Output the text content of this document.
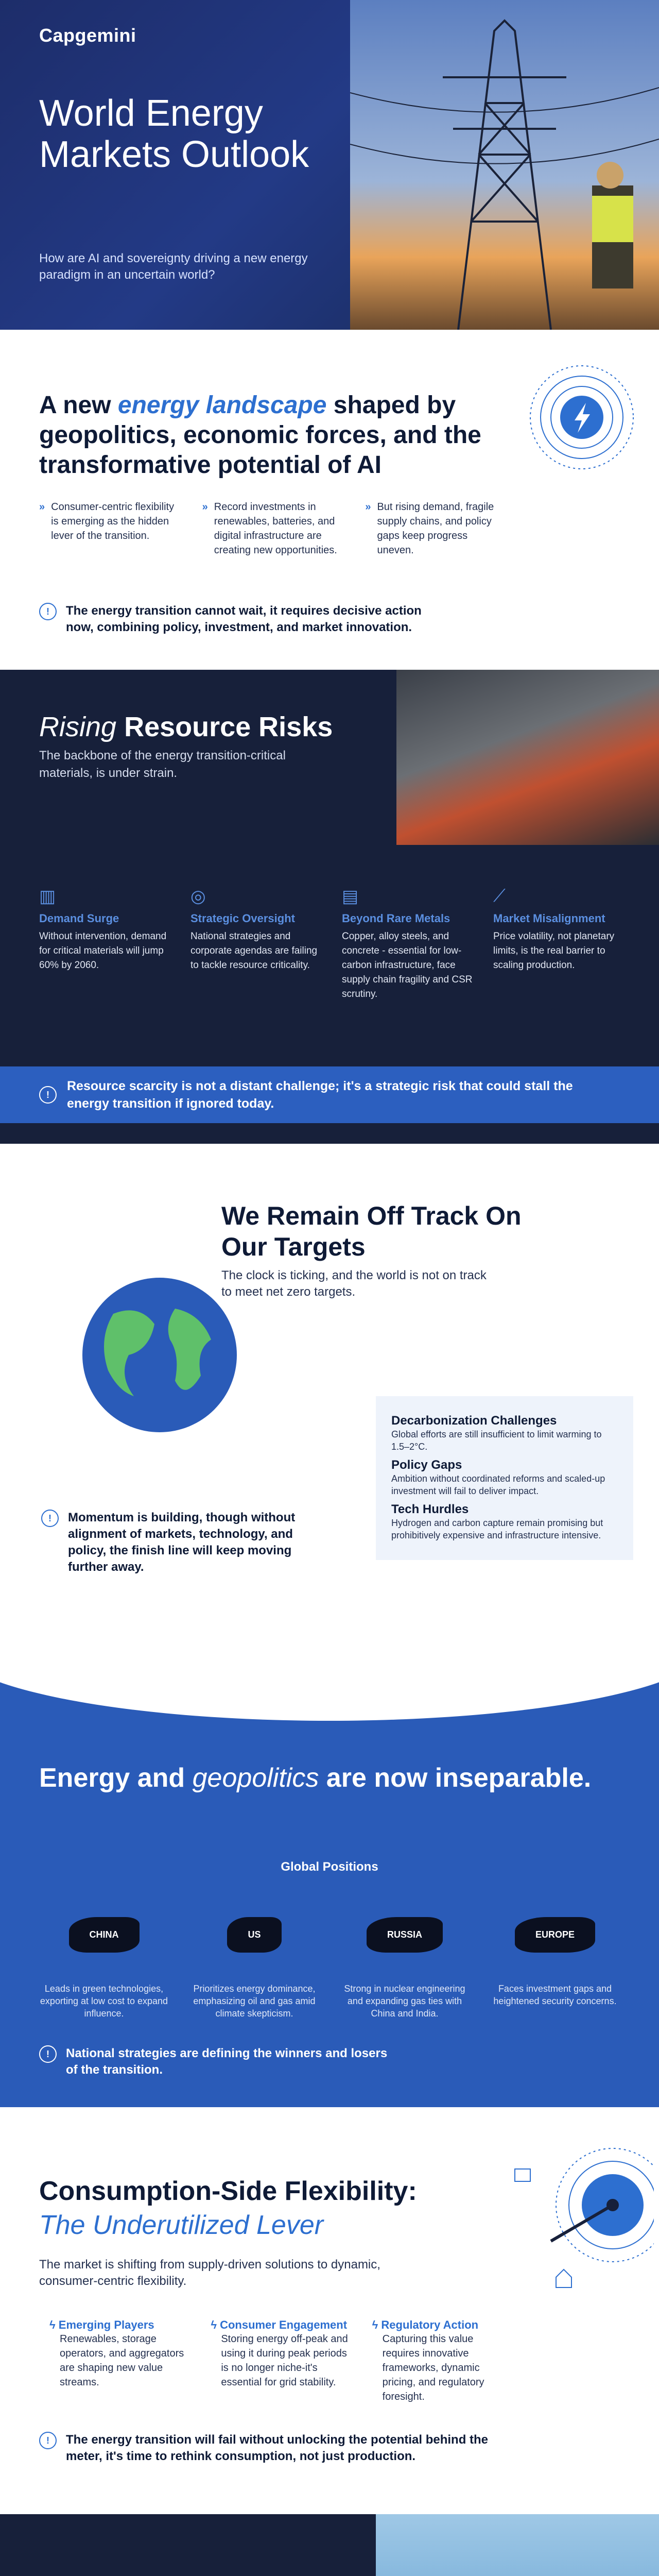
Capgemini
World Energy Markets Outlook

How are AI and sovereignty driving a new energy paradigm in an uncertain world?

A new energy landscape shaped by geopolitics, economic forces, and the transformative potential of AI
» Consumer-centric flexibility is emerging as the hidden lever of the transition.
» Record investments in renewables, batteries, and digital infrastructure are creating new opportunities.
» But rising demand, fragile supply chains, and policy gaps keep progress uneven.
!	The energy transition cannot wait, it requires decisive action now, combining policy, investment, and market innovation.
Rising Resource Risks

The backbone of the energy transition-critical materials, is under strain.

▥
Demand Surge
Without intervention, demand for critical materials will jump 60% by 2060.
◎
Strategic Oversight
National strategies and corporate agendas are failing to tackle resource criticality.
▤
Beyond Rare Metals
Copper, alloy steels, and concrete - essential for low-carbon infrastructure, face supply chain fragility and CSR scrutiny.
⟋
Market Misalignment
Price volatility, not planetary limits, is the real barrier to scaling production.
!
Resource scarcity is not a distant challenge; it's a strategic risk that could stall the energy transition if ignored today.
We Remain Off Track On Our Targets

The clock is ticking, and the world is not on track to meet net zero targets.

Decarbonization Challenges
Global efforts are still insufficient to limit warming to 1.5–2°C.
Policy Gaps
Ambition without coordinated reforms and scaled-up investment will fail to deliver impact.
Tech Hurdles
Hydrogen and carbon capture remain promising but prohibitively expensive and infrastructure intensive.
!	Momentum is building, though without alignment of markets, technology, and policy, the finish line will keep moving further away.
Energy and geopolitics are now inseparable.
Global Positions
CHINA
Leads in green technologies, exporting at low cost to expand influence.
US
Prioritizes energy dominance, emphasizing oil and gas amid climate skepticism.
RUSSIA
Strong in nuclear engineering and expanding gas ties with China and India.
EUROPE
Faces investment gaps and heightened security concerns.
!	National strategies are defining the winners and losers of the transition.
Consumption-Side Flexibility:
The Underutilized Lever

The market is shifting from supply-driven solutions to dynamic, consumer-centric flexibility.

ϟ Emerging Players
Renewables, storage operators, and aggregators are shaping new value streams.
ϟ Consumer Engagement
Storing energy off-peak and using it during peak periods is no longer niche-it's essential for grid stability.
ϟ Regulatory Action
Capturing this value requires innovative frameworks, dynamic pricing, and regulatory foresight.
!	The energy transition will fail without unlocking the potential behind the meter, it's time to rethink consumption, not just production.
